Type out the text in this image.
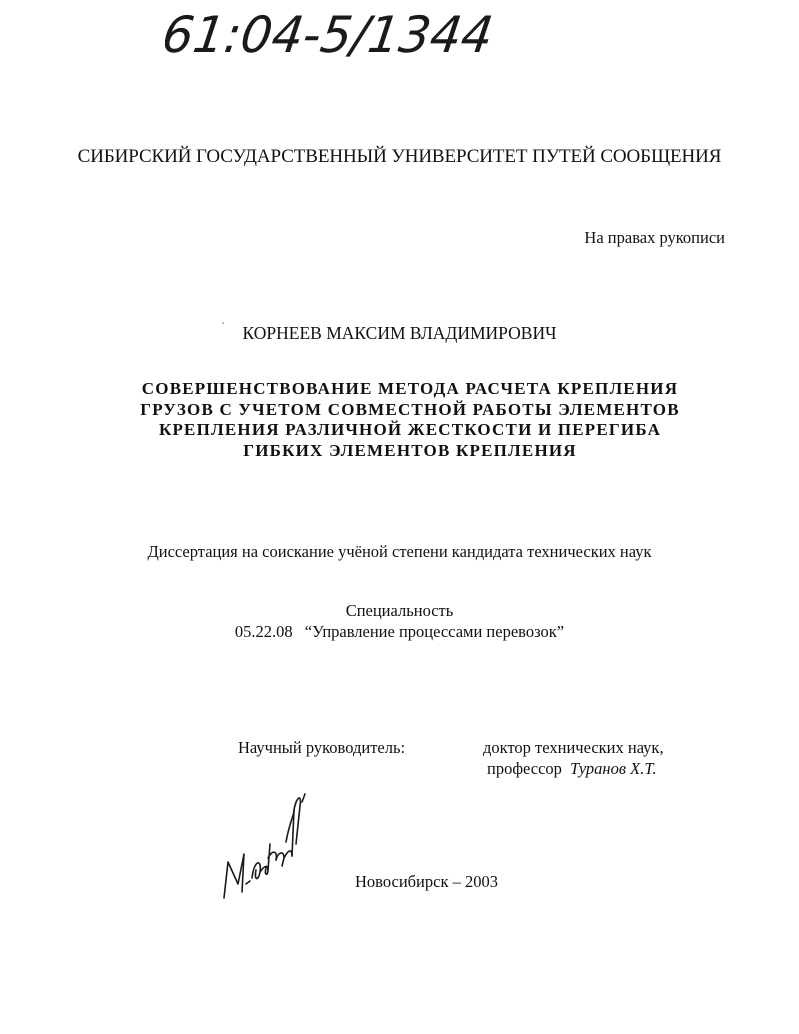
61:04-5/1344
СИБИРСКИЙ ГОСУДАРСТВЕННЫЙ УНИВЕРСИТЕТ ПУТЕЙ СООБЩЕНИЯ
На правах рукописи
КОРНЕЕВ МАКСИМ ВЛАДИМИРОВИЧ
СОВЕРШЕНСТВОВАНИЕ МЕТОДА РАСЧЕТА КРЕПЛЕНИЯ
ГРУЗОВ С УЧЕТОМ СОВМЕСТНОЙ РАБОТЫ ЭЛЕМЕНТОВ
КРЕПЛЕНИЯ РАЗЛИЧНОЙ ЖЕСТКОСТИ И ПЕРЕГИБА
ГИБКИХ ЭЛЕМЕНТОВ КРЕПЛЕНИЯ
Диссертация на соискание учёной степени кандидата технических наук
Специальность
05.22.08 “Управление процессами перевозок”
Научный руководитель:	доктор технических наук,
профессор Туранов Х.Т.
Новосибирск – 2003
